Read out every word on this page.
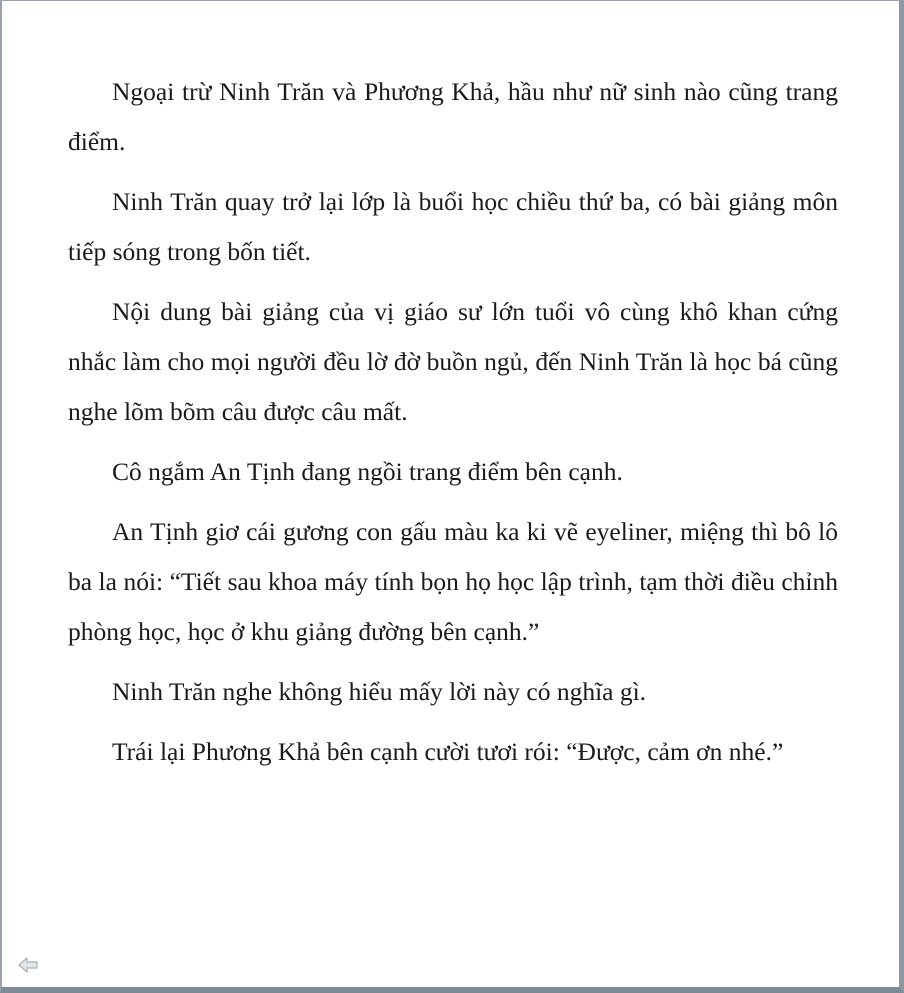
Ngoại trừ Ninh Trăn và Phương Khả, hầu như nữ sinh nào cũng trang điểm.

Ninh Trăn quay trở lại lớp là buổi học chiều thứ ba, có bài giảng môn tiếp sóng trong bốn tiết.

Nội dung bài giảng của vị giáo sư lớn tuổi vô cùng khô khan cứng nhắc làm cho mọi người đều lờ đờ buồn ngủ, đến Ninh Trăn là học bá cũng nghe lõm bõm câu được câu mất.

Cô ngắm An Tịnh đang ngồi trang điểm bên cạnh.

An Tịnh giơ cái gương con gấu màu ka ki vẽ eyeliner, miệng thì bô lô ba la nói: “Tiết sau khoa máy tính bọn họ học lập trình, tạm thời điều chỉnh phòng học, học ở khu giảng đường bên cạnh.”

Ninh Trăn nghe không hiểu mấy lời này có nghĩa gì.

Trái lại Phương Khả bên cạnh cười tươi rói: “Được, cảm ơn nhé.”
